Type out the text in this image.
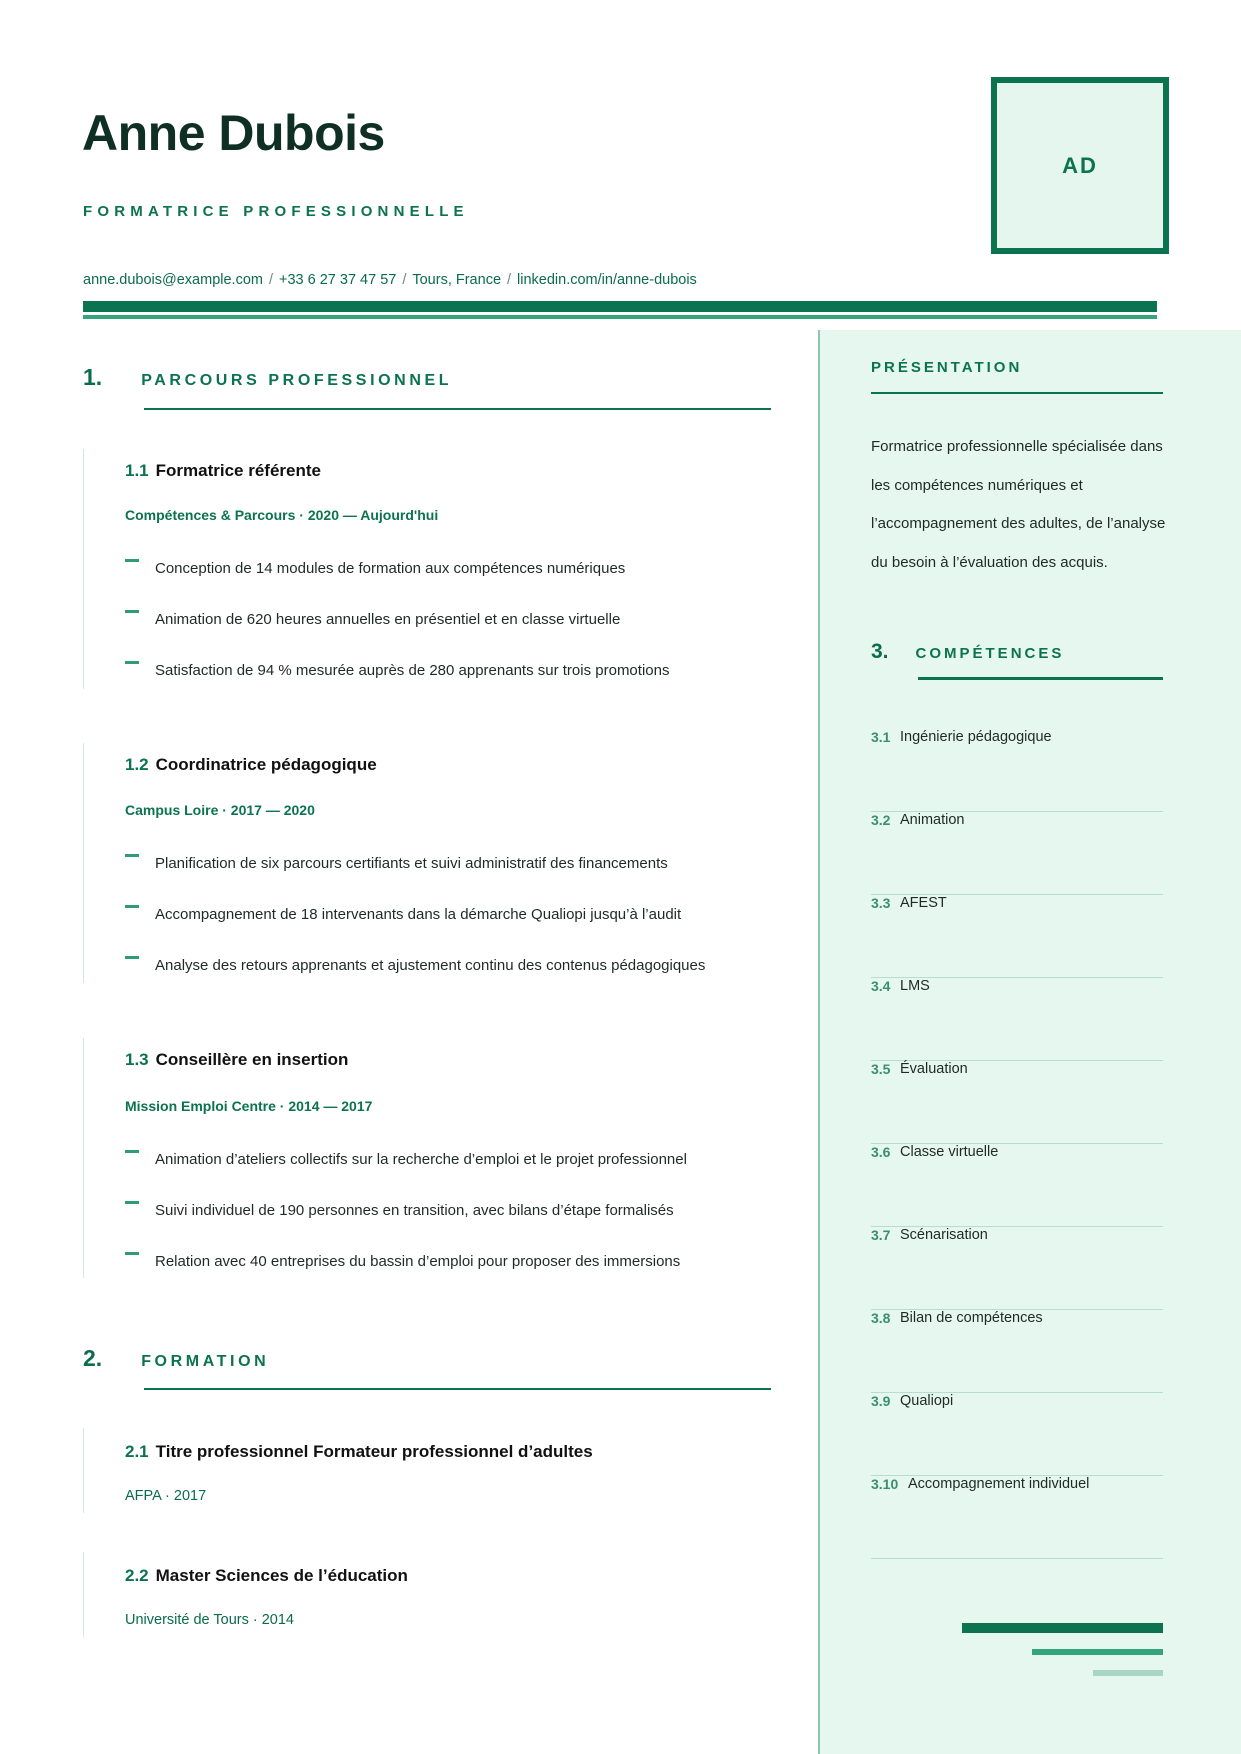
Anne Dubois
FORMATRICE PROFESSIONNELLE
anne.dubois@example.com / +33 6 27 37 47 57 / Tours, France / linkedin.com/in/anne-dubois
AD
1. PARCOURS PROFESSIONNEL
1.1 Formatrice référente
Compétences & Parcours · 2020 — Aujourd'hui
Conception de 14 modules de formation aux compétences numériques
Animation de 620 heures annuelles en présentiel et en classe virtuelle
Satisfaction de 94 % mesurée auprès de 280 apprenants sur trois promotions
1.2 Coordinatrice pédagogique
Campus Loire · 2017 — 2020
Planification de six parcours certifiants et suivi administratif des financements
Accompagnement de 18 intervenants dans la démarche Qualiopi jusqu’à l’audit
Analyse des retours apprenants et ajustement continu des contenus pédagogiques
1.3 Conseillère en insertion
Mission Emploi Centre · 2014 — 2017
Animation d’ateliers collectifs sur la recherche d’emploi et le projet professionnel
Suivi individuel de 190 personnes en transition, avec bilans d’étape formalisés
Relation avec 40 entreprises du bassin d’emploi pour proposer des immersions
2. FORMATION
2.1 Titre professionnel Formateur professionnel d’adultes
AFPA · 2017
2.2 Master Sciences de l’éducation
Université de Tours · 2014
PRÉSENTATION
Formatrice professionnelle spécialisée dans les compétences numériques et l’accompagnement des adultes, de l’analyse du besoin à l’évaluation des acquis.
3. COMPÉTENCES
3.1 Ingénierie pédagogique
3.2 Animation
3.3 AFEST
3.4 LMS
3.5 Évaluation
3.6 Classe virtuelle
3.7 Scénarisation
3.8 Bilan de compétences
3.9 Qualiopi
3.10 Accompagnement individuel
